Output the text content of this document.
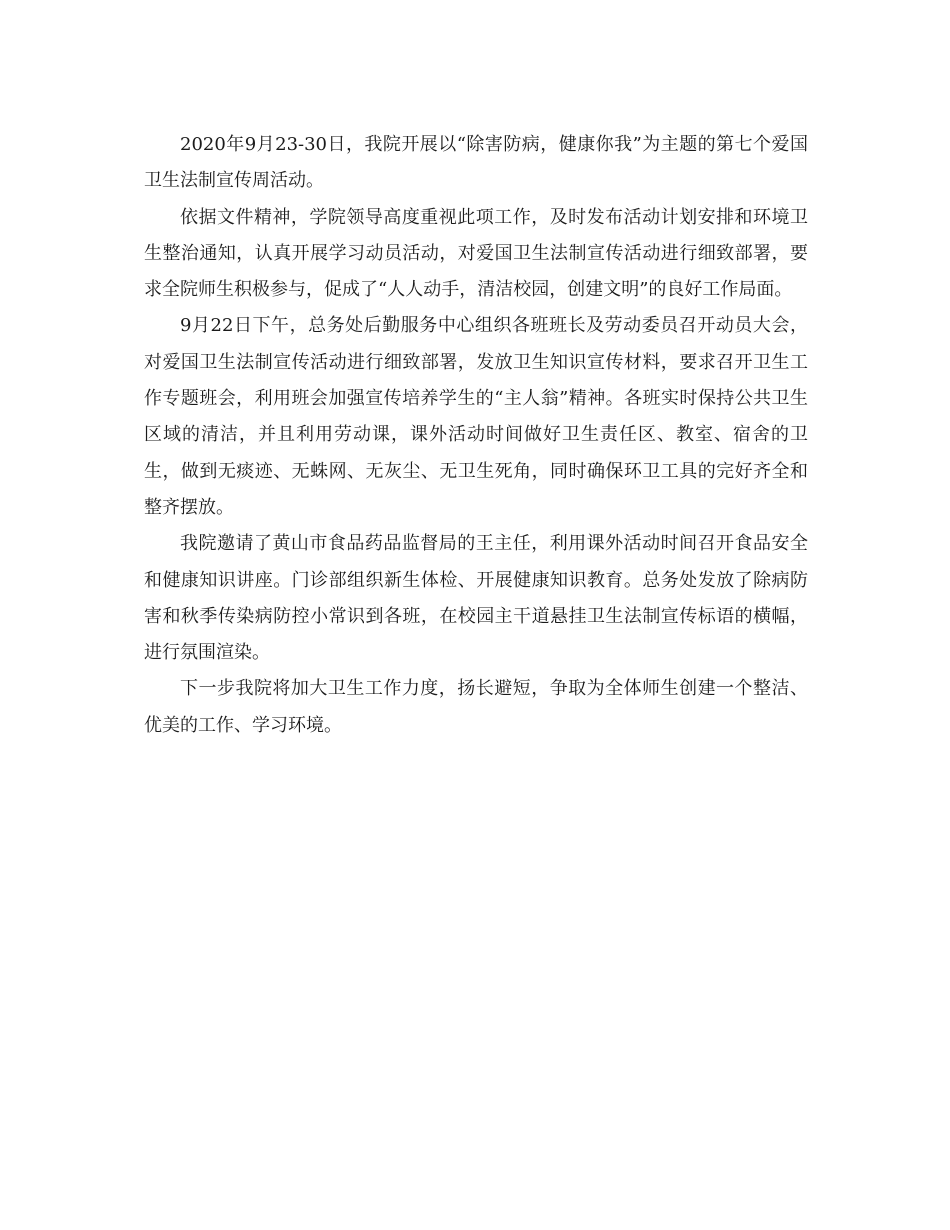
2020年9月23-30日，我院开展以“除害防病，健康你我”为主题的第七个爱国卫生法制宣传周活动。

依据文件精神，学院领导高度重视此项工作，及时发布活动计划安排和环境卫生整治通知，认真开展学习动员活动，对爱国卫生法制宣传活动进行细致部署，要求全院师生积极参与，促成了“人人动手，清洁校园，创建文明”的良好工作局面。

9月22日下午，总务处后勤服务中心组织各班班长及劳动委员召开动员大会，对爱国卫生法制宣传活动进行细致部署，发放卫生知识宣传材料，要求召开卫生工作专题班会，利用班会加强宣传培养学生的“主人翁”精神。各班实时保持公共卫生区域的清洁，并且利用劳动课，课外活动时间做好卫生责任区、教室、宿舍的卫生，做到无痰迹、无蛛网、无灰尘、无卫生死角，同时确保环卫工具的完好齐全和整齐摆放。

我院邀请了黄山市食品药品监督局的王主任，利用课外活动时间召开食品安全和健康知识讲座。门诊部组织新生体检、开展健康知识教育。总务处发放了除病防害和秋季传染病防控小常识到各班，在校园主干道悬挂卫生法制宣传标语的横幅，进行氛围渲染。

下一步我院将加大卫生工作力度，扬长避短，争取为全体师生创建一个整洁、优美的工作、学习环境。
